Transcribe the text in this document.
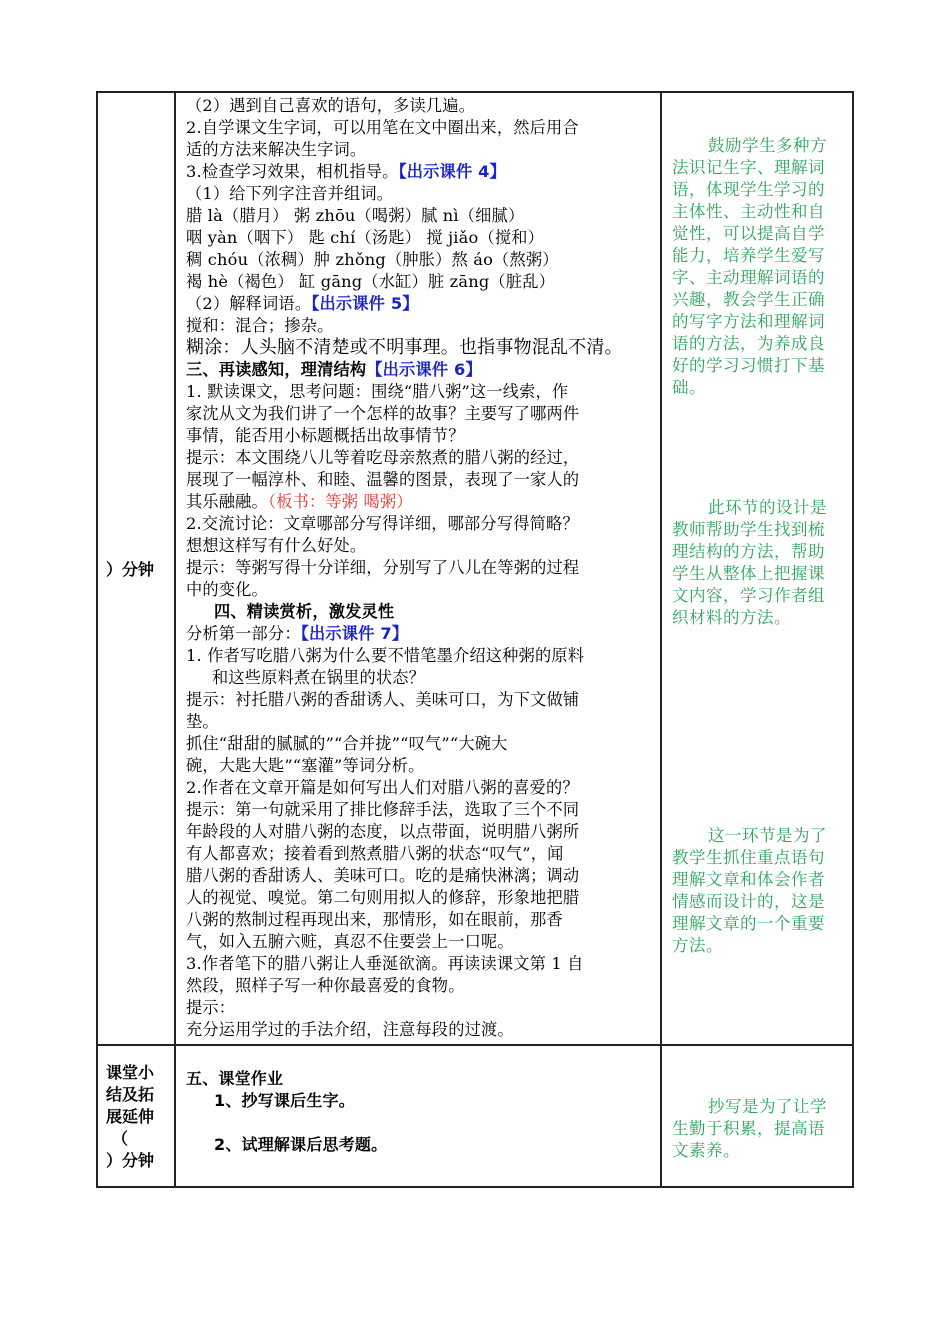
）分钟
（2）遇到自己喜欢的语句，多读几遍。
2.自学课文生字词，可以用笔在文中圈出来，然后用合
适的方法来解决生字词。
3.检查学习效果，相机指导。【出示课件 4】
（1）给下列字注音并组词。
腊 là（腊月） 粥 zhōu（喝粥）腻 nì（细腻）
咽 yàn（咽下） 匙 chí（汤匙） 搅 jiǎo（搅和）
稠 chóu（浓稠）肿 zhǒng（肿胀）熬 áo（熬粥）
褐 hè（褐色） 缸 gāng（水缸）脏 zāng（脏乱）
（2）解释词语。【出示课件 5】
搅和：混合；掺杂。
糊涂：人头脑不清楚或不明事理。也指事物混乱不清。
三、再读感知，理清结构【出示课件 6】
1. 默读课文，思考问题：围绕“腊八粥”这一线索，作
家沈从文为我们讲了一个怎样的故事？主要写了哪两件
事情，能否用小标题概括出故事情节？
提示：本文围绕八儿等着吃母亲熬煮的腊八粥的经过，
展现了一幅淳朴、和睦、温馨的图景，表现了一家人的
其乐融融。（板书：等粥 喝粥）
2.交流讨论：文章哪部分写得详细，哪部分写得简略？
想想这样写有什么好处。
提示：等粥写得十分详细，分别写了八儿在等粥的过程
中的变化。
四、精读赏析，激发灵性
分析第一部分：【出示课件 7】
1. 作者写吃腊八粥为什么要不惜笔墨介绍这种粥的原料
和这些原料煮在锅里的状态？
提示：衬托腊八粥的香甜诱人、美味可口，为下文做铺
垫。
抓住“甜甜的腻腻的”“合并拢”“叹气”“大碗大
碗，大匙大匙”“塞灌”等词分析。
2.作者在文章开篇是如何写出人们对腊八粥的喜爱的？
提示：第一句就采用了排比修辞手法，选取了三个不同
年龄段的人对腊八粥的态度，以点带面，说明腊八粥所
有人都喜欢；接着看到熬煮腊八粥的状态“叹气”，闻
腊八粥的香甜诱人、美味可口。吃的是痛快淋漓；调动
人的视觉、嗅觉。第二句则用拟人的修辞，形象地把腊
八粥的熬制过程再现出来，那情形，如在眼前，那香
气，如入五腑六赃，真忍不住要尝上一口呢。
3.作者笔下的腊八粥让人垂涎欲滴。再读读课文第 1 自
然段，照样子写一种你最喜爱的食物。
提示：
充分运用学过的手法介绍，注意每段的过渡。
鼓励学生多种方
法识记生字、理解词
语，体现学生学习的
主体性、主动性和自
觉性，可以提高自学
能力，培养学生爱写
字、主动理解词语的
兴趣，教会学生正确
的写字方法和理解词
语的方法，为养成良
好的学习习惯打下基
础。
此环节的设计是
教师帮助学生找到梳
理结构的方法，帮助
学生从整体上把握课
文内容，学习作者组
织材料的方法。
这一环节是为了
教学生抓住重点语句
理解文章和体会作者
情感而设计的，这是
理解文章的一个重要
方法。
课堂小
结及拓
展延伸
（
）分钟
五、课堂作业
1、抄写课后生字。
2、试理解课后思考题。
抄写是为了让学
生勤于积累，提高语
文素养。
